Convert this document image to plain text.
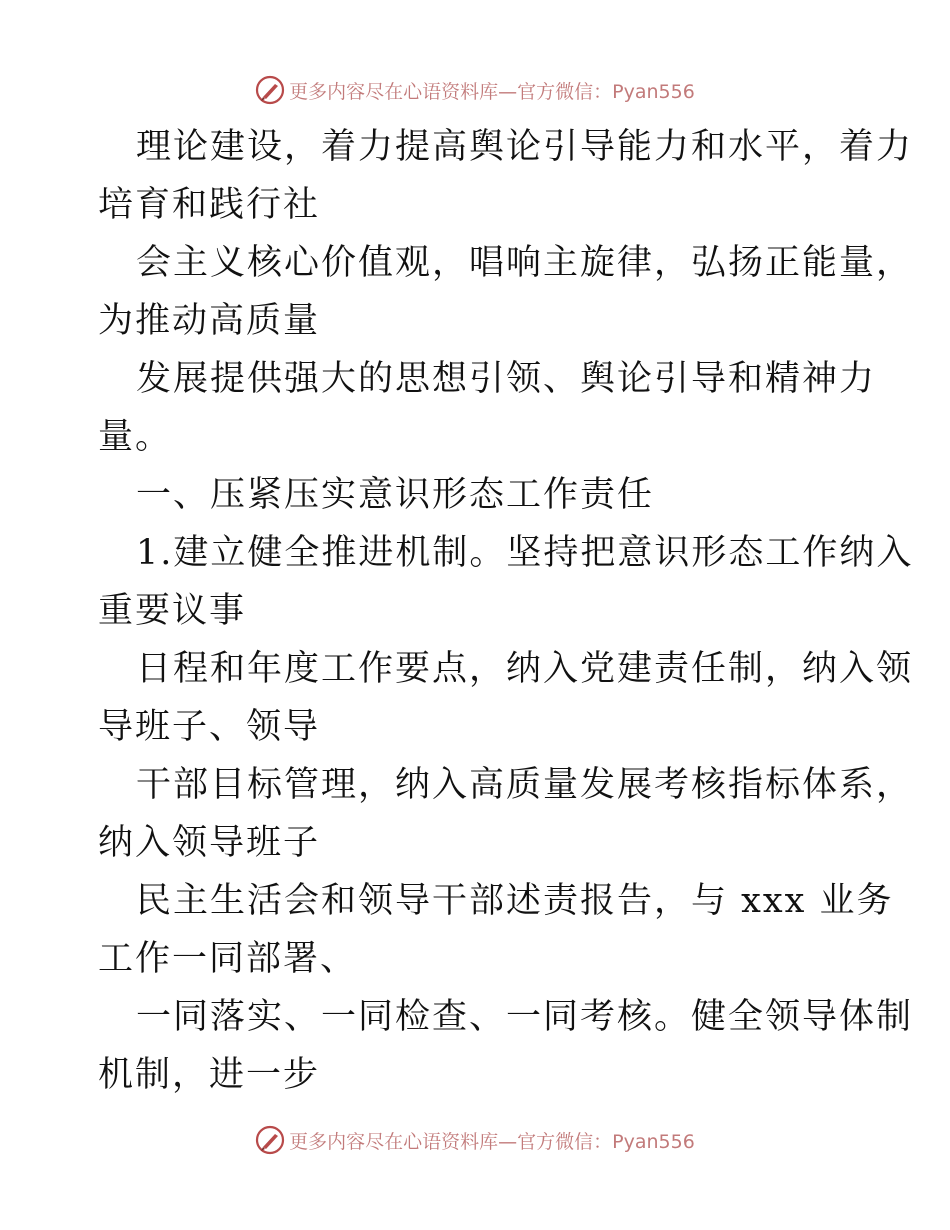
更多内容尽在心语资料库—官方微信：Pyan556
理论建设，着力提高舆论引导能力和水平，着力
培育和践行社
会主义核心价值观，唱响主旋律，弘扬正能量，
为推动高质量
发展提供强大的思想引领、舆论引导和精神力
量。
一、压紧压实意识形态工作责任
1.建立健全推进机制。坚持把意识形态工作纳入
重要议事
日程和年度工作要点，纳入党建责任制，纳入领
导班子、领导
干部目标管理，纳入高质量发展考核指标体系，
纳入领导班子
民主生活会和领导干部述责报告，与 xxx 业务
工作一同部署、
一同落实、一同检查、一同考核。健全领导体制
机制，进一步
更多内容尽在心语资料库—官方微信：Pyan556
